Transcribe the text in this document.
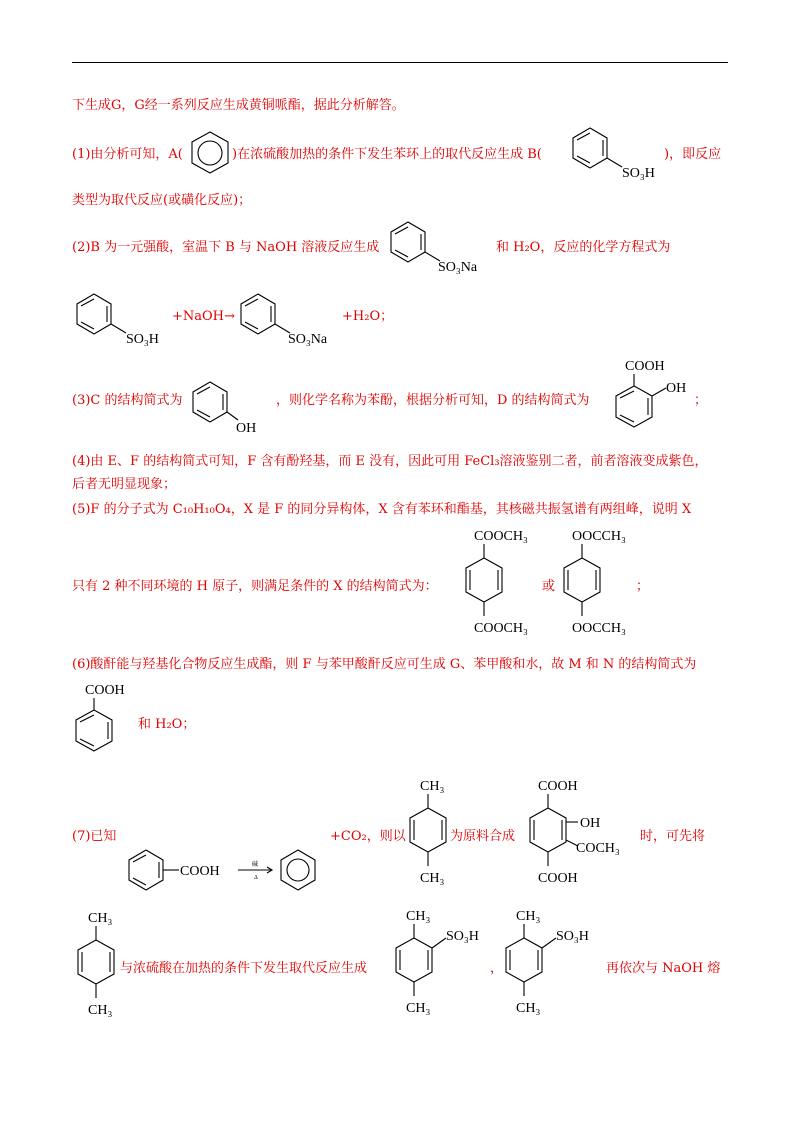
下生成G，G经一系列反应生成黄铜哌酯，据此分析解答。
(1)由分析可知，A(	)在浓硫酸加热的条件下发生苯环上的取代反应生成 B(
SO₃H
)，即反应
类型为取代反应(或磺化反应)；
(2)B 为一元强酸，室温下 B 与 NaOH 溶液反应生成
SO₃Na
和 H₂O，反应的化学方程式为
SO₃H
+NaOH→
SO₃Na
+H₂O；
(3)C 的结构简式为
OH
，则化学名称为苯酚，根据分析可知，D 的结构简式为
COOH
OH
；
(4)由 E、F 的结构简式可知，F 含有酚羟基，而 E 没有，因此可用 FeCl₃溶液鉴别二者，前者溶液变成紫色，
后者无明显现象；
(5)F 的分子式为 C₁₀H₁₀O₄，X 是 F 的同分异构体，X 含有苯环和酯基，其核磁共振氢谱有两组峰，说明 X
只有 2 种不同环境的 H 原子，则满足条件的 X 的结构简式为：
COOCH₃
COOCH₃
或
OOCCH₃
OOCCH₃
；
(6)酸酐能与羟基化合物反应生成酯，则 F 与苯甲酸酐反应可生成 G、苯甲酸和水，故 M 和 N 的结构简式为
COOH
和 H₂O；
(7)已知
COOH	碱
Δ
+CO₂，则以
CH₃
CH₃
为原料合成
COOH
OH
COCH₃
COOH
时，可先将
CH₃
CH₃
与浓硫酸在加热的条件下发生取代反应生成
CH₃
SO₃H
CH₃
，
CH₃
SO₃H
CH₃
再依次与 NaOH 熔
